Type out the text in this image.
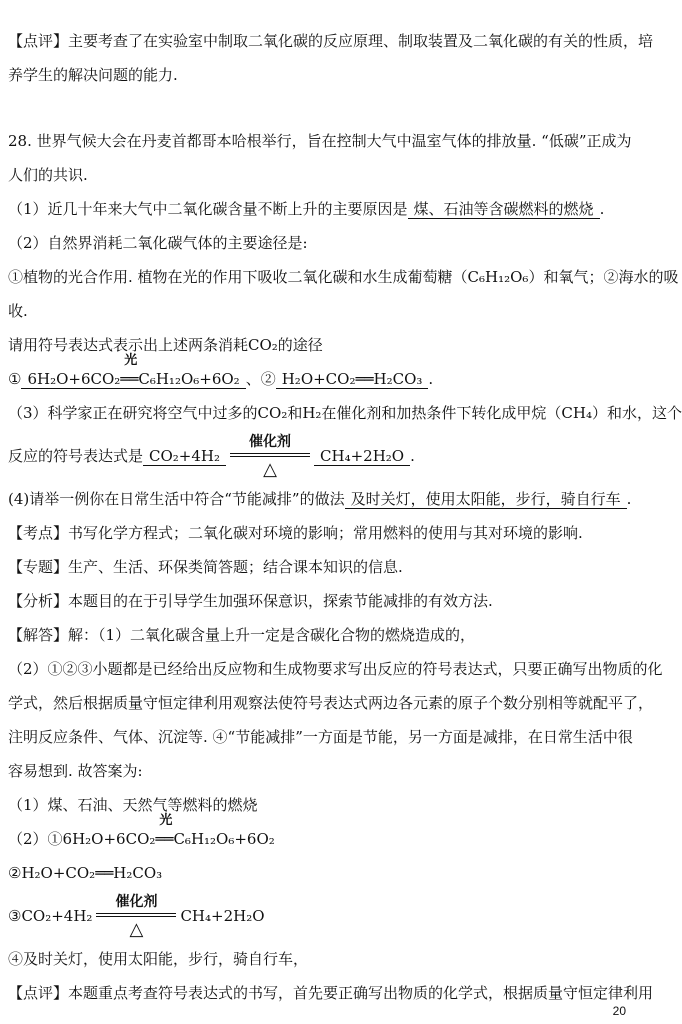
【点评】主要考查了在实验室中制取二氧化碳的反应原理、制取装置及二氧化碳的有关的性质，培
养学生的解决问题的能力.
28. 世界气候大会在丹麦首都哥本哈根举行，旨在控制大气中温室气体的排放量. “低碳”正成为
人们的共识.
（1）近几十年来大气中二氧化碳含量不断上升的主要原因是 煤、石油等含碳燃料的燃烧 .
（2）自然界消耗二氧化碳气体的主要途径是:
①植物的光合作用. 植物在光的作用下吸收二氧化碳和水生成葡萄糖（C₆H₁₂O₆）和氧气；②海水的吸
收.
请用符号表达式表示出上述两条消耗CO₂的途径
① 6H₂O+6CO₂
光
══C₆H₁₂O₆+6O₂ 、② H₂O+CO₂══H₂CO₃ .
（3）科学家正在研究将空气中过多的CO₂和H₂在催化剂和加热条件下转化成甲烷（CH₄）和水，这个
反应的符号表达式是 CO₂+4H₂
催化剂
△
CH₄+2H₂O .
(4)请举一例你在日常生活中符合“节能减排”的做法 及时关灯，使用太阳能，步行，骑自行车 .
【考点】书写化学方程式；二氧化碳对环境的影响；常用燃料的使用与其对环境的影响.
【专题】生产、生活、环保类简答题；结合课本知识的信息.
【分析】本题目的在于引导学生加强环保意识，探索节能减排的有效方法.
【解答】解：（1）二氧化碳含量上升一定是含碳化合物的燃烧造成的，
（2）①②③小题都是已经给出反应物和生成物要求写出反应的符号表达式，只要正确写出物质的化
学式，然后根据质量守恒定律利用观察法使符号表达式两边各元素的原子个数分别相等就配平了，
注明反应条件、气体、沉淀等. ④“节能减排”一方面是节能，另一方面是减排，在日常生活中很
容易想到. 故答案为:
（1）煤、石油、天然气等燃料的燃烧
（2）①6H₂O+6CO₂
光
══C₆H₁₂O₆+6O₂
②H₂O+CO₂══H₂CO₃
③CO₂+4H₂
催化剂
△
CH₄+2H₂O
④及时关灯，使用太阳能，步行，骑自行车，
【点评】本题重点考查符号表达式的书写，首先要正确写出物质的化学式，根据质量守恒定律利用
20
